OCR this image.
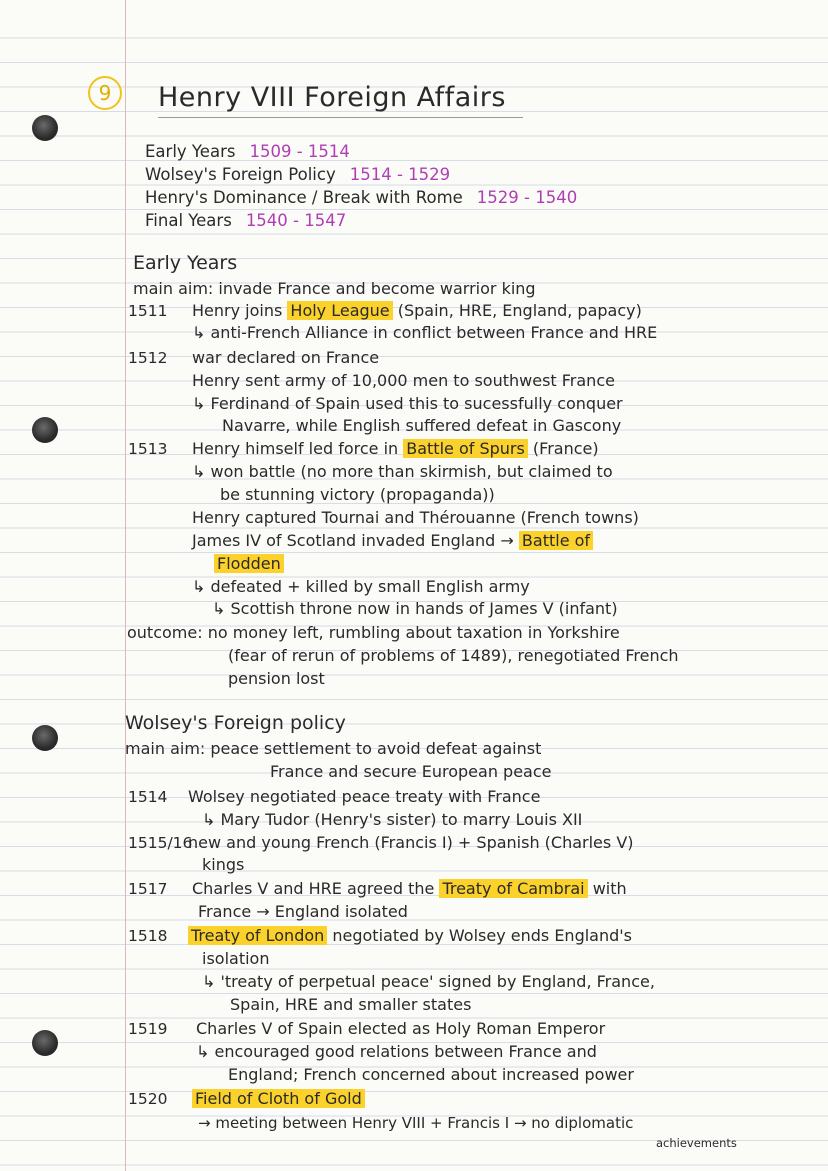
9	Henry VIII Foreign Affairs
Early Years 1509 - 1514
Wolsey's Foreign Policy 1514 - 1529
Henry's Dominance / Break with Rome 1529 - 1540
Final Years 1540 - 1547
Early Years
main aim: invade France and become warrior king
1511 Henry joins Holy League (Spain, HRE, England, papacy)
↳ anti-French Alliance in conflict between France and HRE
1512 war declared on France
Henry sent army of 10,000 men to southwest France
↳ Ferdinand of Spain used this to sucessfully conquer
Navarre, while English suffered defeat in Gascony
1513 Henry himself led force in Battle of Spurs (France)
↳ won battle (no more than skirmish, but claimed to
be stunning victory (propaganda))
Henry captured Tournai and Thérouanne (French towns)
James IV of Scotland invaded England → Battle of
Flodden
↳ defeated + killed by small English army
↳ Scottish throne now in hands of James V (infant)
outcome: no money left, rumbling about taxation in Yorkshire
(fear of rerun of problems of 1489), renegotiated French
pension lost
Wolsey's Foreign policy
main aim: peace settlement to avoid defeat against
France and secure European peace
1514 Wolsey negotiated peace treaty with France
↳ Mary Tudor (Henry's sister) to marry Louis XII
1515/16
new and young French (Francis I) + Spanish (Charles V)
kings
1517 Charles V and HRE agreed the Treaty of Cambrai with
France → England isolated
1518 Treaty of London negotiated by Wolsey ends England's
isolation
↳ 'treaty of perpetual peace' signed by England, France,
Spain, HRE and smaller states
1519 Charles V of Spain elected as Holy Roman Emperor
↳ encouraged good relations between France and
England; French concerned about increased power
1520 Field of Cloth of Gold
→ meeting between Henry VIII + Francis I → no diplomatic
achievements
